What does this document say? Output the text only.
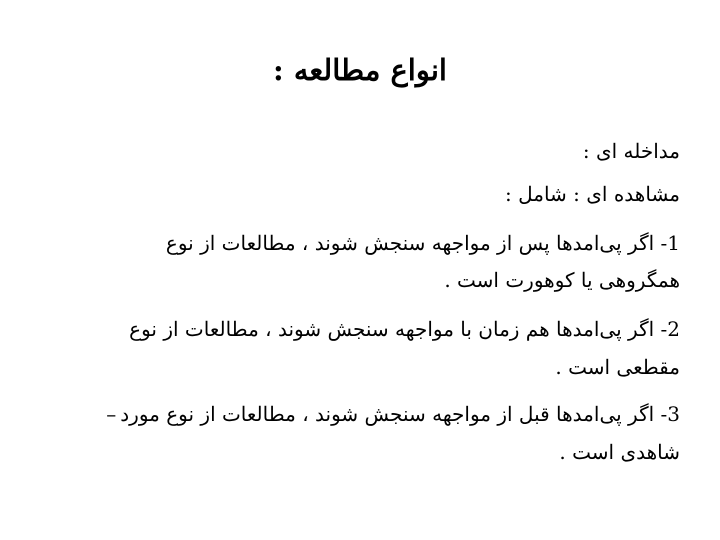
انواع مطالعه :

مداخله ای :

مشاهده ای : شامل :

1- اگر پی‌امدها پس از مواجهه سنجش شوند ، مطالعات از نوع

همگروهی یا کوهورت است .

2- اگر پی‌امدها هم زمان با مواجهه سنجش شوند ، مطالعات از نوع

مقطعی است .

3- اگر پی‌امدها قبل از مواجهه سنجش شوند ، مطالعات از نوع مورد–

شاهدی است .
